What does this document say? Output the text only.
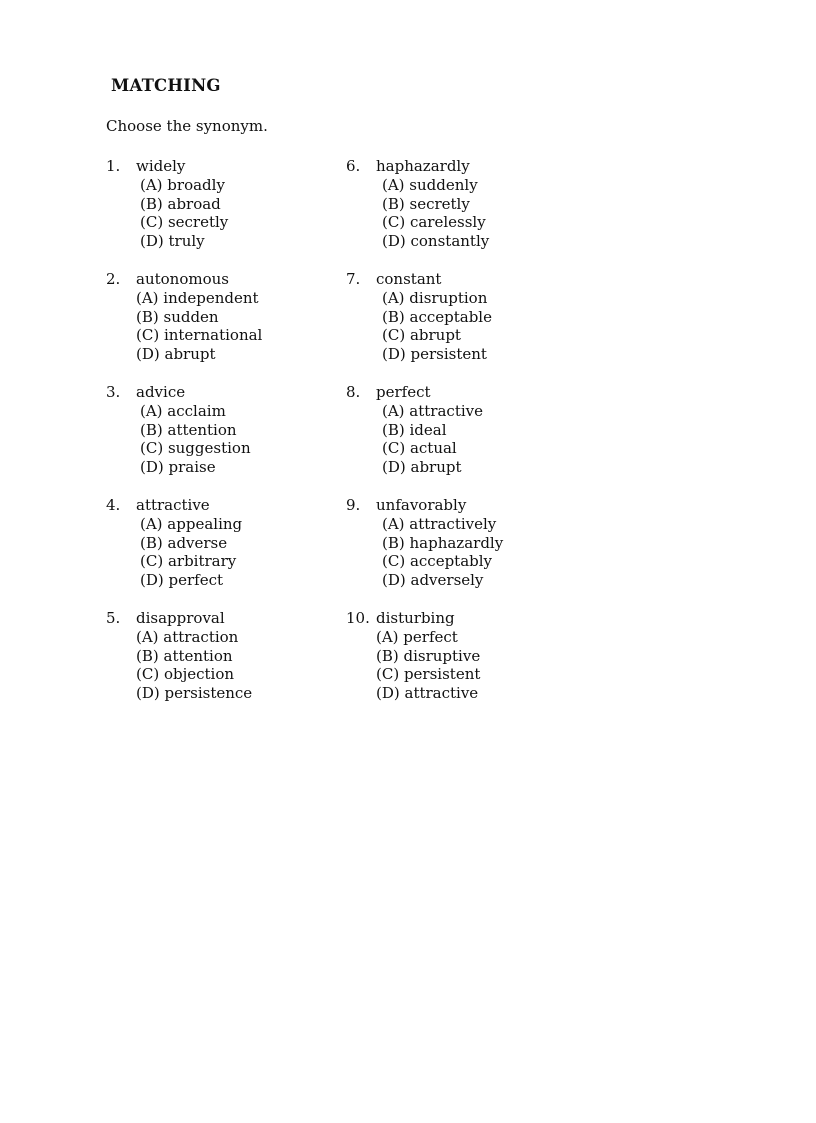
MATCHING
Choose the synonym.
1.	widely
(A) broadly
(B) abroad
(C) secretly
(D) truly
2.	autonomous
(A) independent
(B) sudden
(C) international
(D) abrupt
3.	advice
(A) acclaim
(B) attention
(C) suggestion
(D) praise
4.	attractive
(A) appealing
(B) adverse
(C) arbitrary
(D) perfect
5.	disapproval
(A) attraction
(B) attention
(C) objection
(D) persistence
6.	haphazardly
(A) suddenly
(B) secretly
(C) carelessly
(D) constantly
7.	constant
(A) disruption
(B) acceptable
(C) abrupt
(D) persistent
8.	perfect
(A) attractive
(B) ideal
(C) actual
(D) abrupt
9.	unfavorably
(A) attractively
(B) haphazardly
(C) acceptably
(D) adversely
10. disturbing
(A) perfect
(B) disruptive
(C) persistent
(D) attractive
